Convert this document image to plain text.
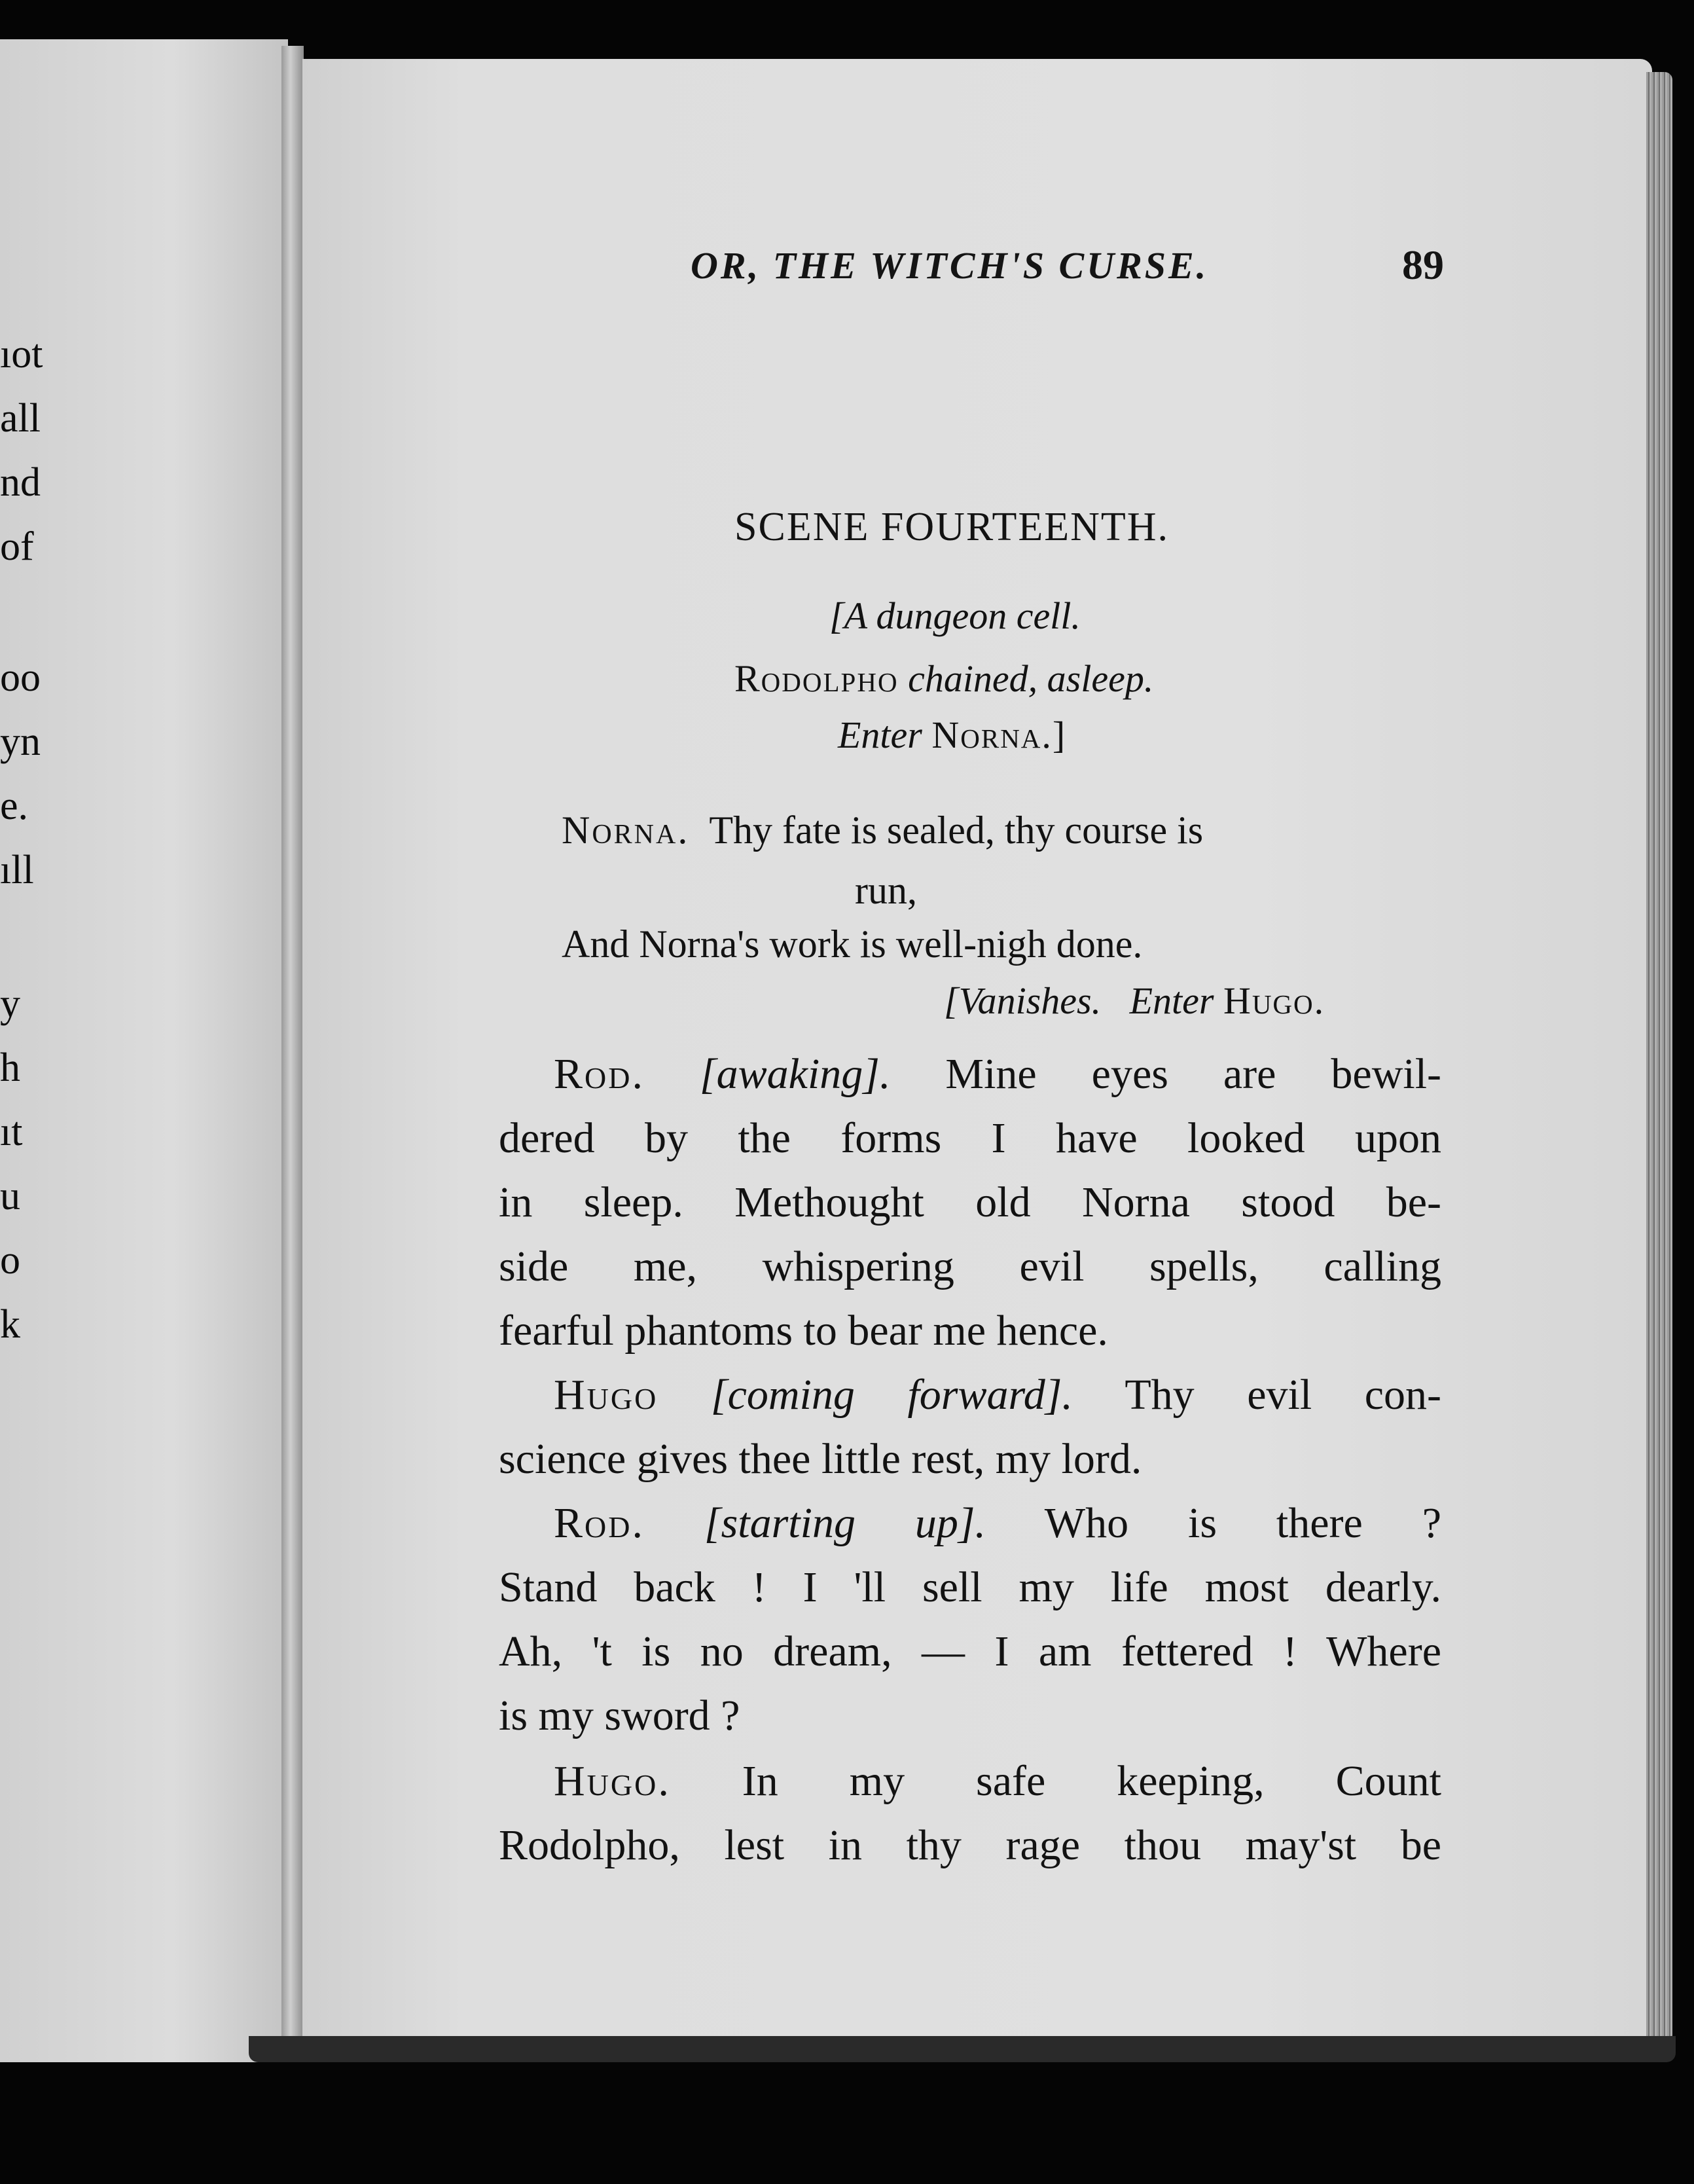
ıot
all
nd
of
oo
yn
e.
ıll
y
h
ıt
u
o
k
OR, THE WITCH'S CURSE.	89
SCENE FOURTEENTH.
[A dungeon cell.
Rodolpho chained, asleep.
Enter Norna.]
Norna. Thy fate is sealed, thy course is
run,
And Norna's work is well-nigh done.
[Vanishes. Enter Hugo.
Rod. [awaking]. Mine eyes are bewil-
dered by the forms I have looked upon
in sleep. Methought old Norna stood be-
side me, whispering evil spells, calling
fearful phantoms to bear me hence.
Hugo [coming forward]. Thy evil con-
science gives thee little rest, my lord.
Rod. [starting up]. Who is there ?
Stand back ! I 'll sell my life most dearly.
Ah, 't is no dream, — I am fettered ! Where
is my sword ?
Hugo. In my safe keeping, Count
Rodolpho, lest in thy rage thou may'st be
